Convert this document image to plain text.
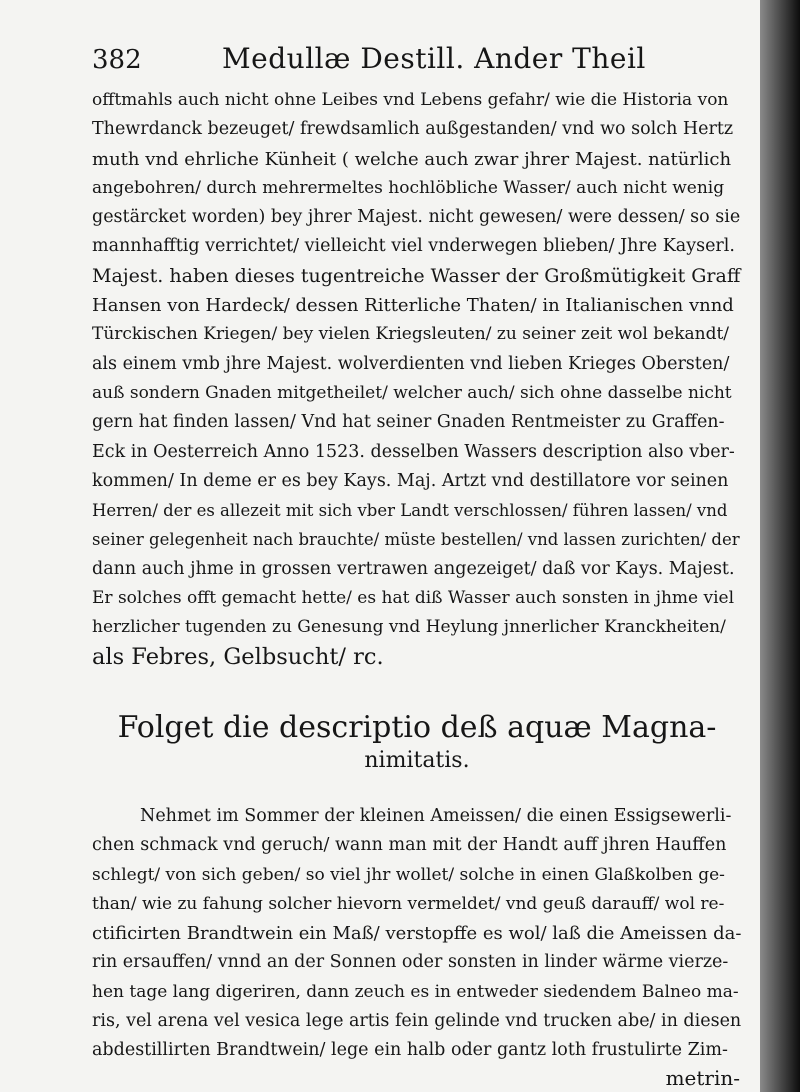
382	Medullæ Destill. Ander Theil
offtmahls auch nicht ohne Leibes vnd Lebens gefahr/ wie die Historia von
Thewrdanck bezeuget/ frewdsamlich außgestanden/ vnd wo solch Hertz
muth vnd ehrliche Künheit ( welche auch zwar jhrer Majest. natürlich
angebohren/ durch mehrermeltes hochlöbliche Wasser/ auch nicht wenig
gestärcket worden) bey jhrer Majest. nicht gewesen/ were dessen/ so sie
mannhafftig verrichtet/ vielleicht viel vnderwegen blieben/ Jhre Kayserl.
Majest. haben dieses tugentreiche Wasser der Großmütigkeit Graff
Hansen von Hardeck/ dessen Ritterliche Thaten/ in Italianischen vnnd
Türckischen Kriegen/ bey vielen Kriegsleuten/ zu seiner zeit wol bekandt/
als einem vmb jhre Majest. wolverdienten vnd lieben Krieges Obersten/
auß sondern Gnaden mitgetheilet/ welcher auch/ sich ohne dasselbe nicht
gern hat finden lassen/ Vnd hat seiner Gnaden Rentmeister zu Graffen-
Eck in Oesterreich Anno 1523. desselben Wassers description also vber-
kommen/ In deme er es bey Kays. Maj. Artzt vnd destillatore vor seinen
Herren/ der es allezeit mit sich vber Landt verschlossen/ führen lassen/ vnd
seiner gelegenheit nach brauchte/ müste bestellen/ vnd lassen zurichten/ der
dann auch jhme in grossen vertrawen angezeiget/ daß vor Kays. Majest.
Er solches offt gemacht hette/ es hat diß Wasser auch sonsten in jhme viel
herzlicher tugenden zu Genesung vnd Heylung jnnerlicher Kranckheiten/
als Febres, Gelbsucht/ rc.
Folget die descriptio deß aquæ Magna-
nimitatis.
Nehmet im Sommer der kleinen Ameissen/ die einen Essigsewerli-
chen schmack vnd geruch/ wann man mit der Handt auff jhren Hauffen
schlegt/ von sich geben/ so viel jhr wollet/ solche in einen Glaßkolben ge-
than/ wie zu fahung solcher hievorn vermeldet/ vnd geuß darauff/ wol re-
ctificirten Brandtwein ein Maß/ verstopffe es wol/ laß die Ameissen da-
rin ersauffen/ vnnd an der Sonnen oder sonsten in linder wärme vierze-
hen tage lang digeriren, dann zeuch es in entweder siedendem Balneo ma-
ris, vel arena vel vesica lege artis fein gelinde vnd trucken abe/ in diesen
abdestillirten Brandtwein/ lege ein halb oder gantz loth frustulirte Zim-
metrin-
